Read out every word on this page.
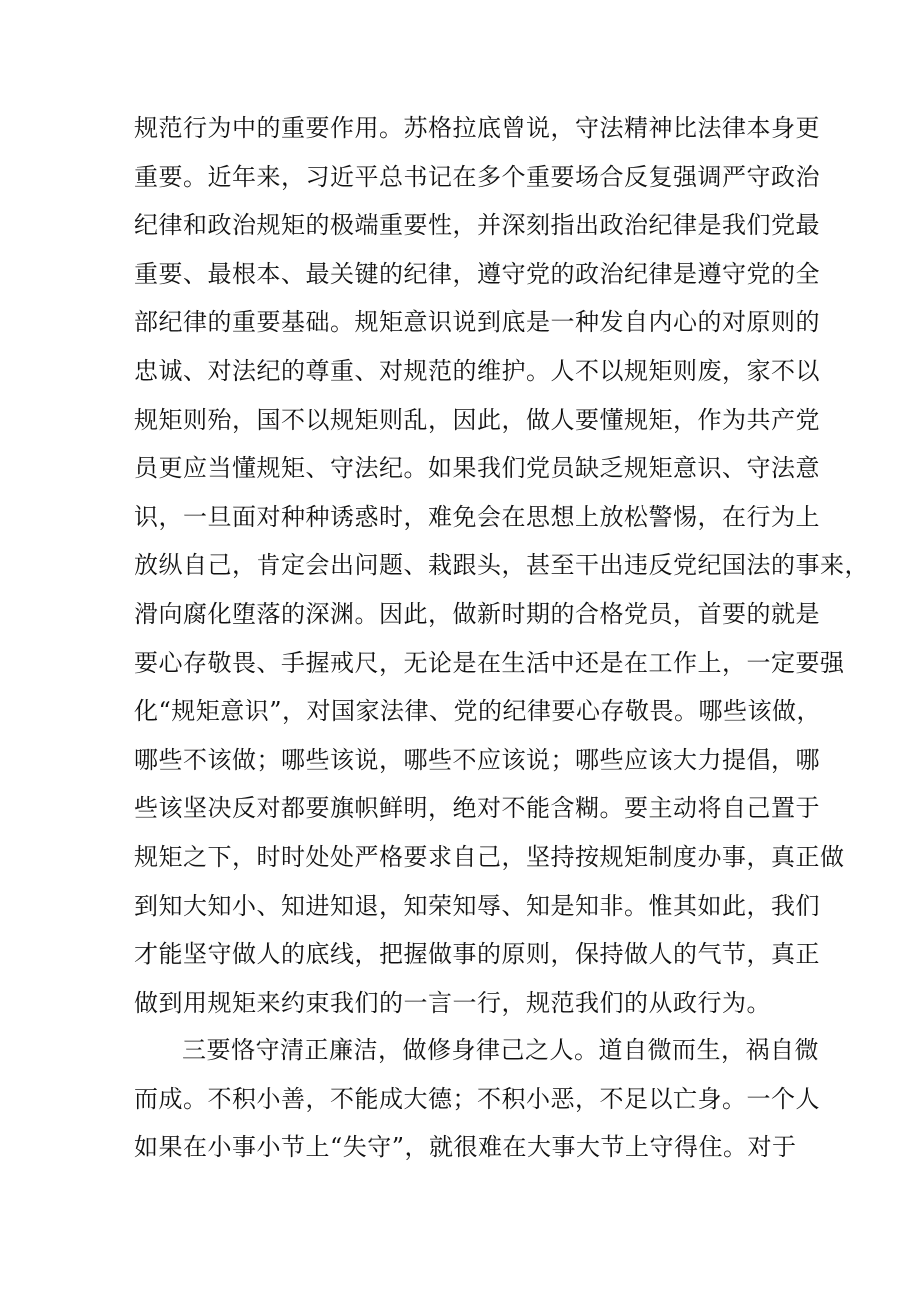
规范行为中的重要作用。苏格拉底曾说，守法精神比法律本身更
重要。近年来，习近平总书记在多个重要场合反复强调严守政治
纪律和政治规矩的极端重要性，并深刻指出政治纪律是我们党最
重要、最根本、最关键的纪律，遵守党的政治纪律是遵守党的全
部纪律的重要基础。规矩意识说到底是一种发自内心的对原则的
忠诚、对法纪的尊重、对规范的维护。人不以规矩则废，家不以
规矩则殆，国不以规矩则乱，因此，做人要懂规矩，作为共产党
员更应当懂规矩、守法纪。如果我们党员缺乏规矩意识、守法意
识，一旦面对种种诱惑时，难免会在思想上放松警惕，在行为上
放纵自己，肯定会出问题、栽跟头，甚至干出违反党纪国法的事来，
滑向腐化堕落的深渊。因此，做新时期的合格党员，首要的就是
要心存敬畏、手握戒尺，无论是在生活中还是在工作上，一定要强
化“规矩意识”，对国家法律、党的纪律要心存敬畏。哪些该做，
哪些不该做；哪些该说，哪些不应该说；哪些应该大力提倡，哪
些该坚决反对都要旗帜鲜明，绝对不能含糊。要主动将自己置于
规矩之下，时时处处严格要求自己，坚持按规矩制度办事，真正做
到知大知小、知进知退，知荣知辱、知是知非。惟其如此，我们
才能坚守做人的底线，把握做事的原则，保持做人的气节，真正
做到用规矩来约束我们的一言一行，规范我们的从政行为。
三要恪守清正廉洁，做修身律己之人。道自微而生，祸自微
而成。不积小善，不能成大德；不积小恶，不足以亡身。一个人
如果在小事小节上“失守”，就很难在大事大节上守得住。对于
